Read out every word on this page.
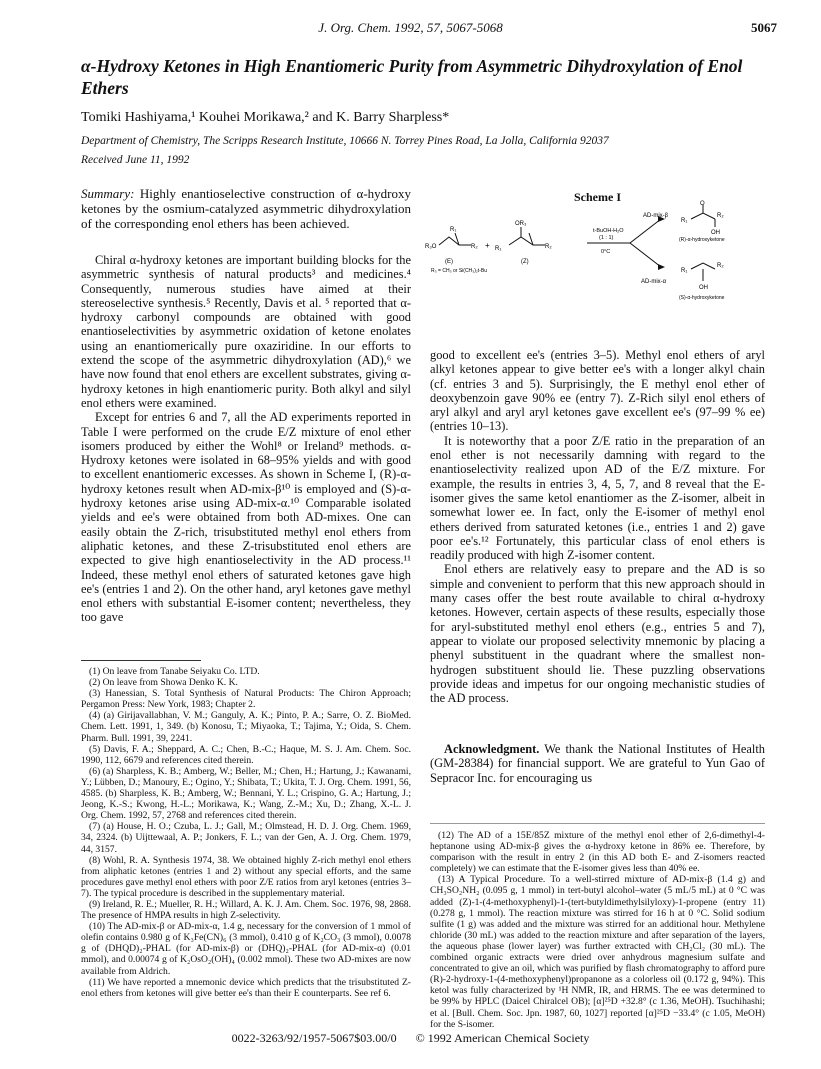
J. Org. Chem. 1992, 57, 5067-5068	5067
α-Hydroxy Ketones in High Enantiomeric Purity from Asymmetric Dihydroxylation of Enol Ethers
Tomiki Hashiyama,¹ Kouhei Morikawa,² and K. Barry Sharpless*
Department of Chemistry, The Scripps Research Institute, 10666 N. Torrey Pines Road, La Jolla, California 92037
Received June 11, 1992

Summary: Highly enantioselective construction of α-hydroxy ketones by the osmium-catalyzed asymmetric dihydroxylation of the corresponding enol ethers has been achieved.

Chiral α-hydroxy ketones are important building blocks for the asymmetric synthesis of natural products³ and medicines.⁴ Consequently, numerous studies have aimed at their stereoselective synthesis.⁵ Recently, Davis et al. ⁵ reported that α-hydroxy carbonyl compounds are obtained with good enantioselectivities by asymmetric oxidation of ketone enolates using an enantiomerically pure oxaziridine. In our efforts to extend the scope of the asymmetric dihydroxylation (AD),⁶ we have now found that enol ethers are excellent substrates, giving α-hydroxy ketones in high enantiomeric purity. Both alkyl and silyl enol ethers were examined.

Except for entries 6 and 7, all the AD experiments reported in Table I were performed on the crude E/Z mixture of enol ether isomers produced by either the Wohl⁸ or Ireland⁹ methods. α-Hydroxy ketones were isolated in 68–95% yields and with good to excellent enantiomeric excesses. As shown in Scheme I, (R)-α-hydroxy ketones result when AD-mix-β¹⁰ is employed and (S)-α-hydroxy ketones arise using AD-mix-α.¹⁰ Comparable isolated yields and ee's were obtained from both AD-mixes. One can easily obtain the Z-rich, trisubstituted methyl enol ethers from aliphatic ketones, and these Z-trisubstituted enol ethers are expected to give high enantioselectivity in the AD process.¹¹ Indeed, these methyl enol ethers of saturated ketones gave high ee's (entries 1 and 2). On the other hand, aryl ketones gave methyl enol ethers with substantial E-isomer content; nevertheless, they too gave

(1) On leave from Tanabe Seiyaku Co. LTD.

(2) On leave from Showa Denko K. K.

(3) Hanessian, S. Total Synthesis of Natural Products: The Chiron Approach; Pergamon Press: New York, 1983; Chapter 2.

(4) (a) Girijavallabhan, V. M.; Ganguly, A. K.; Pinto, P. A.; Sarre, O. Z. BioMed. Chem. Lett. 1991, 1, 349. (b) Konosu, T.; Miyaoka, T.; Tajima, Y.; Oida, S. Chem. Pharm. Bull. 1991, 39, 2241.

(5) Davis, F. A.; Sheppard, A. C.; Chen, B.-C.; Haque, M. S. J. Am. Chem. Soc. 1990, 112, 6679 and references cited therein.

(6) (a) Sharpless, K. B.; Amberg, W.; Beller, M.; Chen, H.; Hartung, J.; Kawanami, Y.; Lübben, D.; Manoury, E.; Ogino, Y.; Shibata, T.; Ukita, T. J. Org. Chem. 1991, 56, 4585. (b) Sharpless, K. B.; Amberg, W.; Bennani, Y. L.; Crispino, G. A.; Hartung, J.; Jeong, K.-S.; Kwong, H.-L.; Morikawa, K.; Wang, Z.-M.; Xu, D.; Zhang, X.-L. J. Org. Chem. 1992, 57, 2768 and references cited therein.

(7) (a) House, H. O.; Czuba, L. J.; Gall, M.; Olmstead, H. D. J. Org. Chem. 1969, 34, 2324. (b) Uijttewaal, A. P.; Jonkers, F. L.; van der Gen, A. J. Org. Chem. 1979, 44, 3157.

(8) Wohl, R. A. Synthesis 1974, 38. We obtained highly Z-rich methyl enol ethers from aliphatic ketones (entries 1 and 2) without any special efforts, and the same procedures gave methyl enol ethers with poor Z/E ratios from aryl ketones (entries 3–7). The typical procedure is described in the supplementary material.

(9) Ireland, R. E.; Mueller, R. H.; Willard, A. K. J. Am. Chem. Soc. 1976, 98, 2868. The presence of HMPA results in high Z-selectivity.

(10) The AD-mix-β or AD-mix-α, 1.4 g, necessary for the conversion of 1 mmol of olefin contains 0.980 g of K₃Fe(CN)₆ (3 mmol), 0.410 g of K₂CO₃ (3 mmol), 0.0078 g of (DHQD)₂-PHAL (for AD-mix-β) or (DHQ)₂-PHAL (for AD-mix-α) (0.01 mmol), and 0.00074 g of K₂OsO₂(OH)₄ (0.002 mmol). These two AD-mixes are now available from Aldrich.

(11) We have reported a mnemonic device which predicts that the trisubstituted Z-enol ethers from ketones will give better ee's than their E counterparts. See ref 6.

Scheme I
AD-mix-β
AD-mix-α
t-BuOH-H₂O
(1 : 1)
0°C
R₃O
R₁
R₂ + R₁
OR₃
R₂
(E)	(Z)
R₃ = CH₃ or Si(CH₃)₂t-Bu
R₁
R₂
O
OH
(R)-α-hydroxyketone
R₁
R₂
OH
(S)-α-hydroxyketone

good to excellent ee's (entries 3–5). Methyl enol ethers of aryl alkyl ketones appear to give better ee's with a longer alkyl chain (cf. entries 3 and 5). Surprisingly, the E methyl enol ether of deoxybenzoin gave 90% ee (entry 7). Z-Rich silyl enol ethers of aryl alkyl and aryl aryl ketones gave excellent ee's (97–99 % ee) (entries 10–13).

It is noteworthy that a poor Z/E ratio in the preparation of an enol ether is not necessarily damning with regard to the enantioselectivity realized upon AD of the E/Z mixture. For example, the results in entries 3, 4, 5, 7, and 8 reveal that the E-isomer gives the same ketol enantiomer as the Z-isomer, albeit in somewhat lower ee. In fact, only the E-isomer of methyl enol ethers derived from saturated ketones (i.e., entries 1 and 2) gave poor ee's.¹² Fortunately, this particular class of enol ethers is readily produced with high Z-isomer content.

Enol ethers are relatively easy to prepare and the AD is so simple and convenient to perform that this new approach should in many cases offer the best route available to chiral α-hydroxy ketones. However, certain aspects of these results, especially those for aryl-substituted methyl enol ethers (e.g., entries 5 and 7), appear to violate our proposed selectivity mnemonic by placing a phenyl substituent in the quadrant where the smallest non-hydrogen substituent should lie. These puzzling observations provide ideas and impetus for our ongoing mechanistic studies of the AD process.

Acknowledgment. We thank the National Institutes of Health (GM-28384) for financial support. We are grateful to Yun Gao of Sepracor Inc. for encouraging us

(12) The AD of a 15E/85Z mixture of the methyl enol ether of 2,6-dimethyl-4-heptanone using AD-mix-β gives the α-hydroxy ketone in 86% ee. Therefore, by comparison with the result in entry 2 (in this AD both E- and Z-isomers reacted completely) we can estimate that the E-isomer gives less than 40% ee.

(13) A Typical Procedure. To a well-stirred mixture of AD-mix-β (1.4 g) and CH₃SO₂NH₂ (0.095 g, 1 mmol) in tert-butyl alcohol–water (5 mL/5 mL) at 0 °C was added (Z)-1-(4-methoxyphenyl)-1-(tert-butyldimethylsilyloxy)-1-propene (entry 11) (0.278 g, 1 mmol). The reaction mixture was stirred for 16 h at 0 °C. Solid sodium sulfite (1 g) was added and the mixture was stirred for an additional hour. Methylene chloride (30 mL) was added to the reaction mixture and after separation of the layers, the aqueous phase (lower layer) was further extracted with CH₂Cl₂ (30 mL). The combined organic extracts were dried over anhydrous magnesium sulfate and concentrated to give an oil, which was purified by flash chromatography to afford pure (R)-2-hydroxy-1-(4-methoxyphenyl)propanone as a colorless oil (0.172 g, 94%). This ketol was fully characterized by ¹H NMR, IR, and HRMS. The ee was determined to be 99% by HPLC (Daicel Chiralcel OB); [α]²⁵D +32.8° (c 1.36, MeOH). Tsuchihashi; et al. [Bull. Chem. Soc. Jpn. 1987, 60, 1027] reported [α]²⁵D −33.4° (c 1.05, MeOH) for the S-isomer.

0022-3263/92/1957-5067$03.00/0 © 1992 American Chemical Society
